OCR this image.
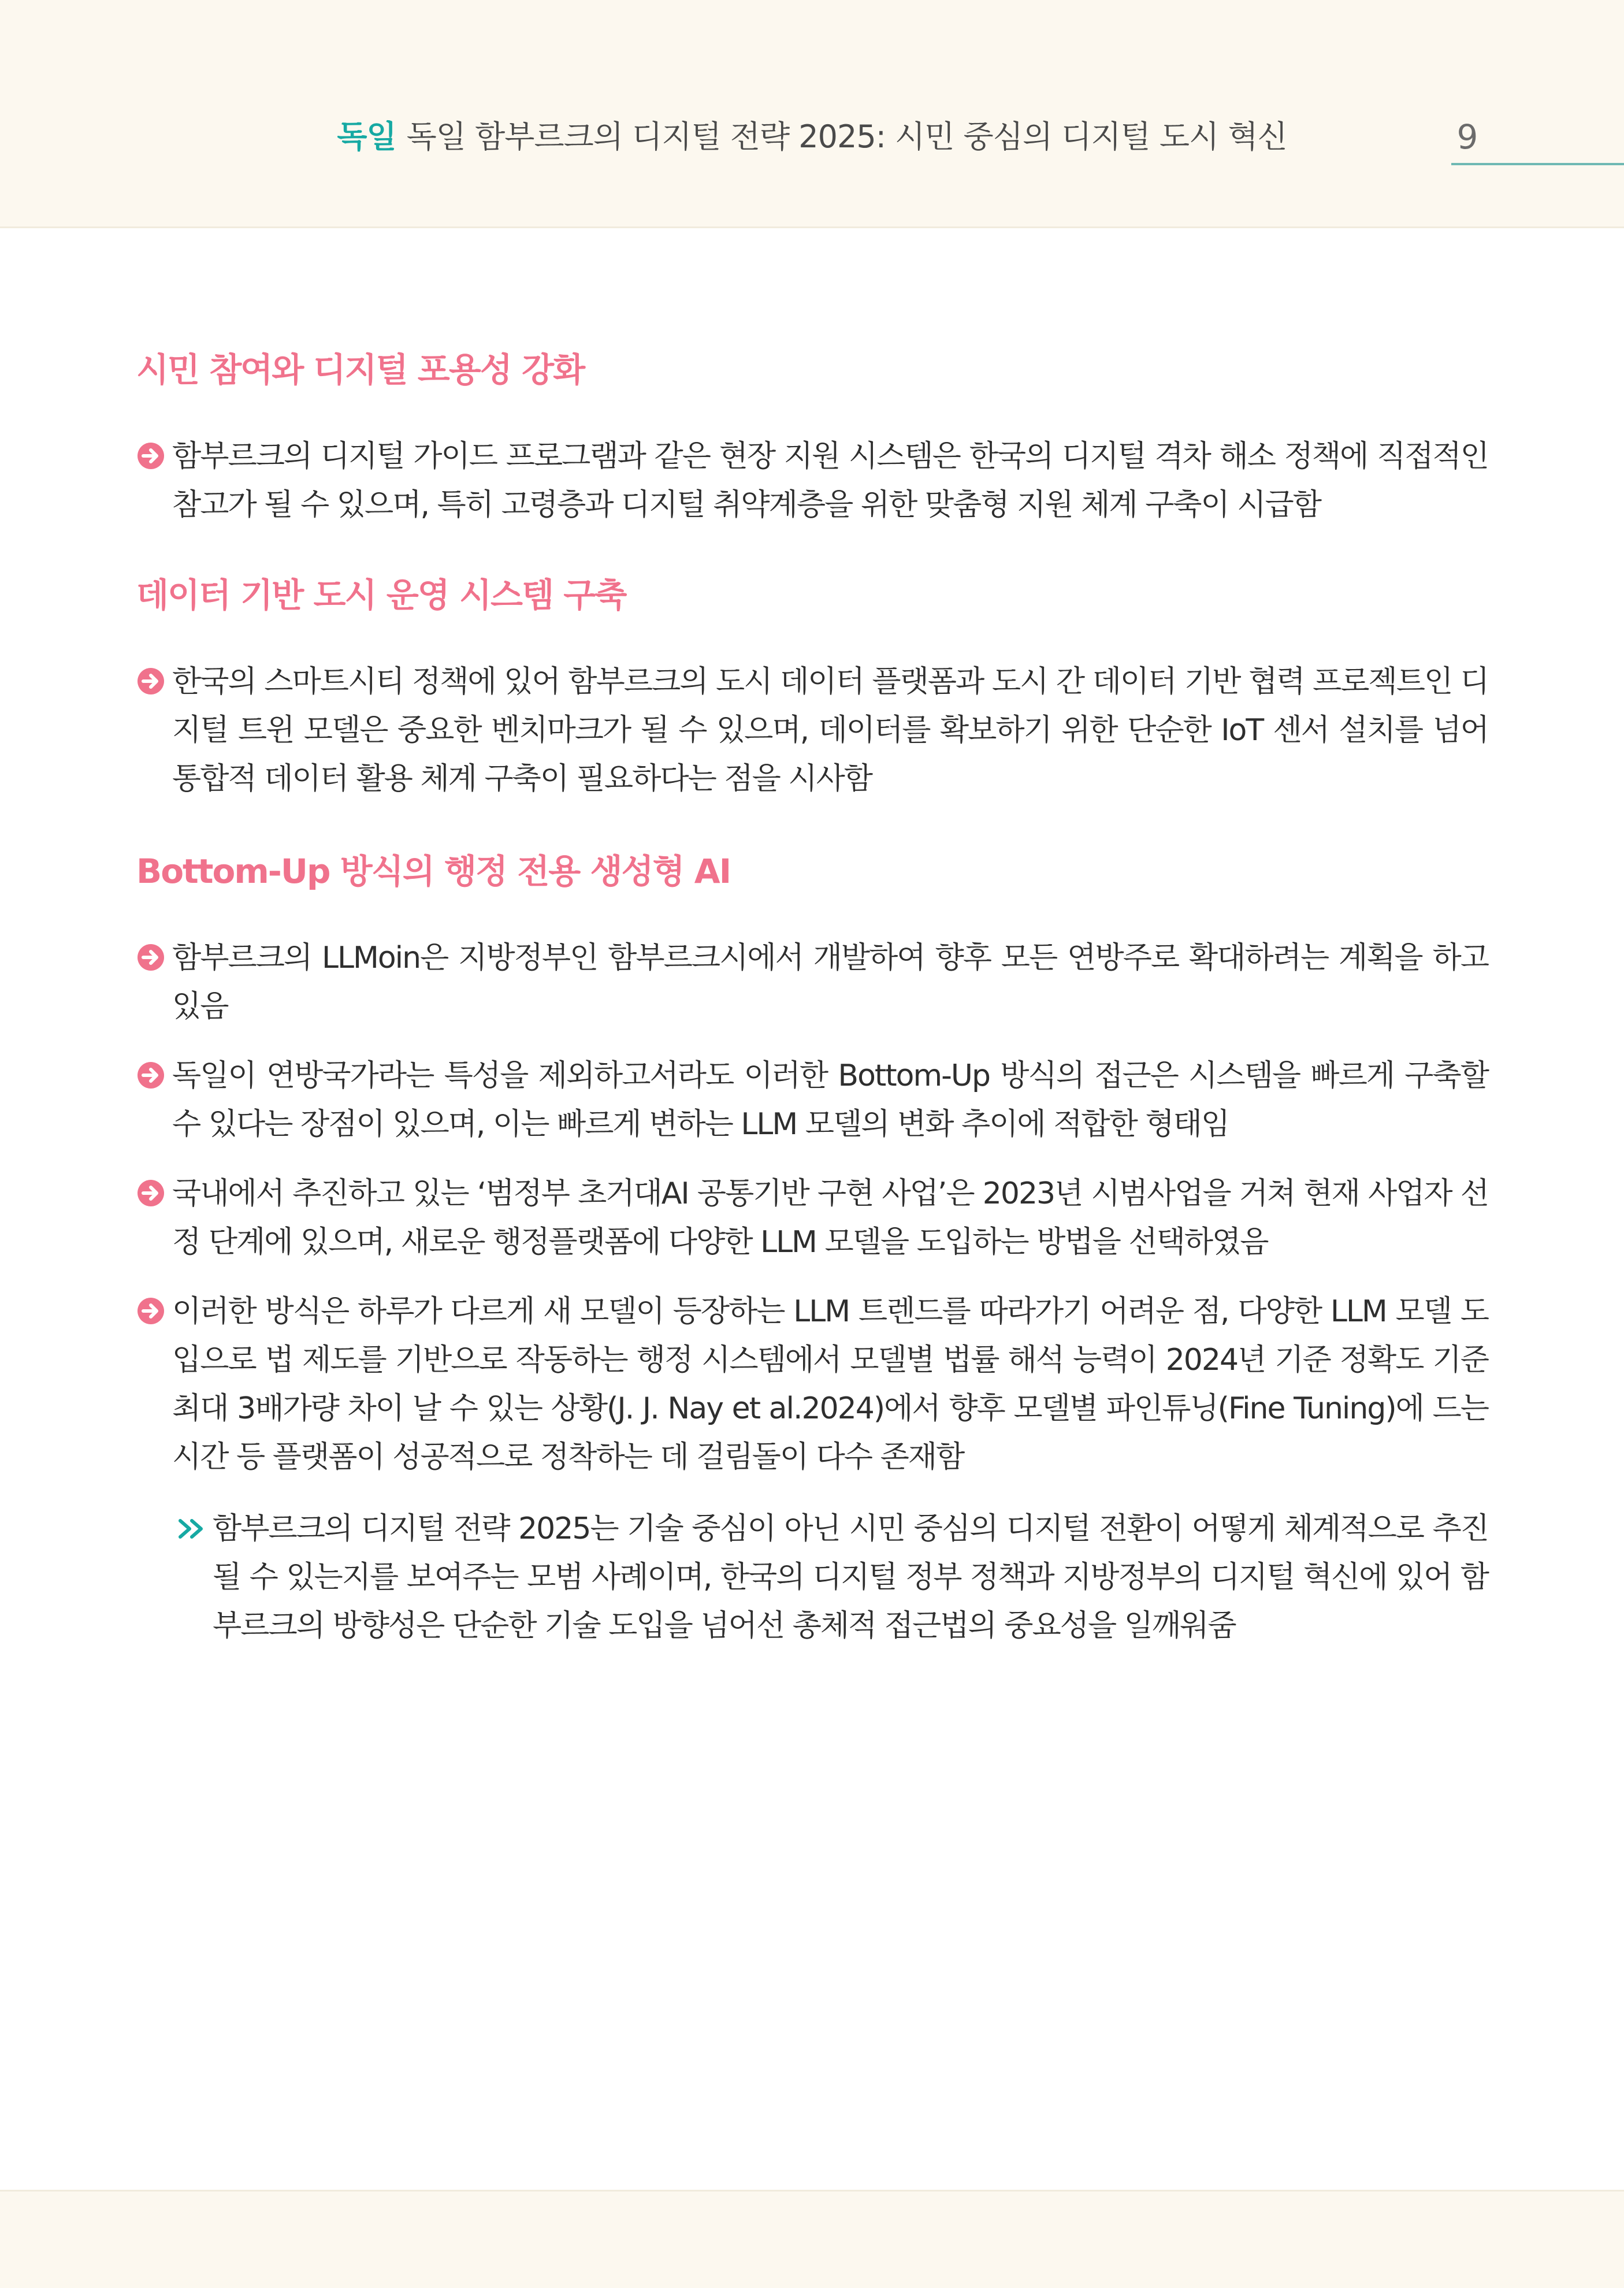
독일 독일 함부르크의 디지털 전략 2025: 시민 중심의 디지털 도시 혁신	9
시민 참여와 디지털 포용성 강화
함부르크의 디지털 가이드 프로그램과 같은 현장 지원 시스템은 한국의 디지털 격차 해소 정책에 직접적인 참고가 될 수 있으며, 특히 고령층과 디지털 취약계층을 위한 맞춤형 지원 체계 구축이 시급함
데이터 기반 도시 운영 시스템 구축
한국의 스마트시티 정책에 있어 함부르크의 도시 데이터 플랫폼과 도시 간 데이터 기반 협력 프로젝트인 디지털 트윈 모델은 중요한 벤치마크가 될 수 있으며, 데이터를 확보하기 위한 단순한 IoT 센서 설치를 넘어 통합적 데이터 활용 체계 구축이 필요하다는 점을 시사함
Bottom-Up 방식의 행정 전용 생성형 AI
함부르크의 LLMoin은 지방정부인 함부르크시에서 개발하여 향후 모든 연방주로 확대하려는 계획을 하고 있음
독일이 연방국가라는 특성을 제외하고서라도 이러한 Bottom-Up 방식의 접근은 시스템을 빠르게 구축할 수 있다는 장점이 있으며, 이는 빠르게 변하는 LLM 모델의 변화 추이에 적합한 형태임
국내에서 추진하고 있는 ‘범정부 초거대AI 공통기반 구현 사업’은 2023년 시범사업을 거쳐 현재 사업자 선정 단계에 있으며, 새로운 행정플랫폼에 다양한 LLM 모델을 도입하는 방법을 선택하였음
이러한 방식은 하루가 다르게 새 모델이 등장하는 LLM 트렌드를 따라가기 어려운 점, 다양한 LLM 모델 도입으로 법 제도를 기반으로 작동하는 행정 시스템에서 모델별 법률 해석 능력이 2024년 기준 정확도 기준 최대 3배가량 차이 날 수 있는 상황(J. J. Nay et al.2024)에서 향후 모델별 파인튜닝(Fine Tuning)에 드는 시간 등 플랫폼이 성공적으로 정착하는 데 걸림돌이 다수 존재함
함부르크의 디지털 전략 2025는 기술 중심이 아닌 시민 중심의 디지털 전환이 어떻게 체계적으로 추진될 수 있는지를 보여주는 모범 사례이며, 한국의 디지털 정부 정책과 지방정부의 디지털 혁신에 있어 함부르크의 방향성은 단순한 기술 도입을 넘어선 총체적 접근법의 중요성을 일깨워줌
